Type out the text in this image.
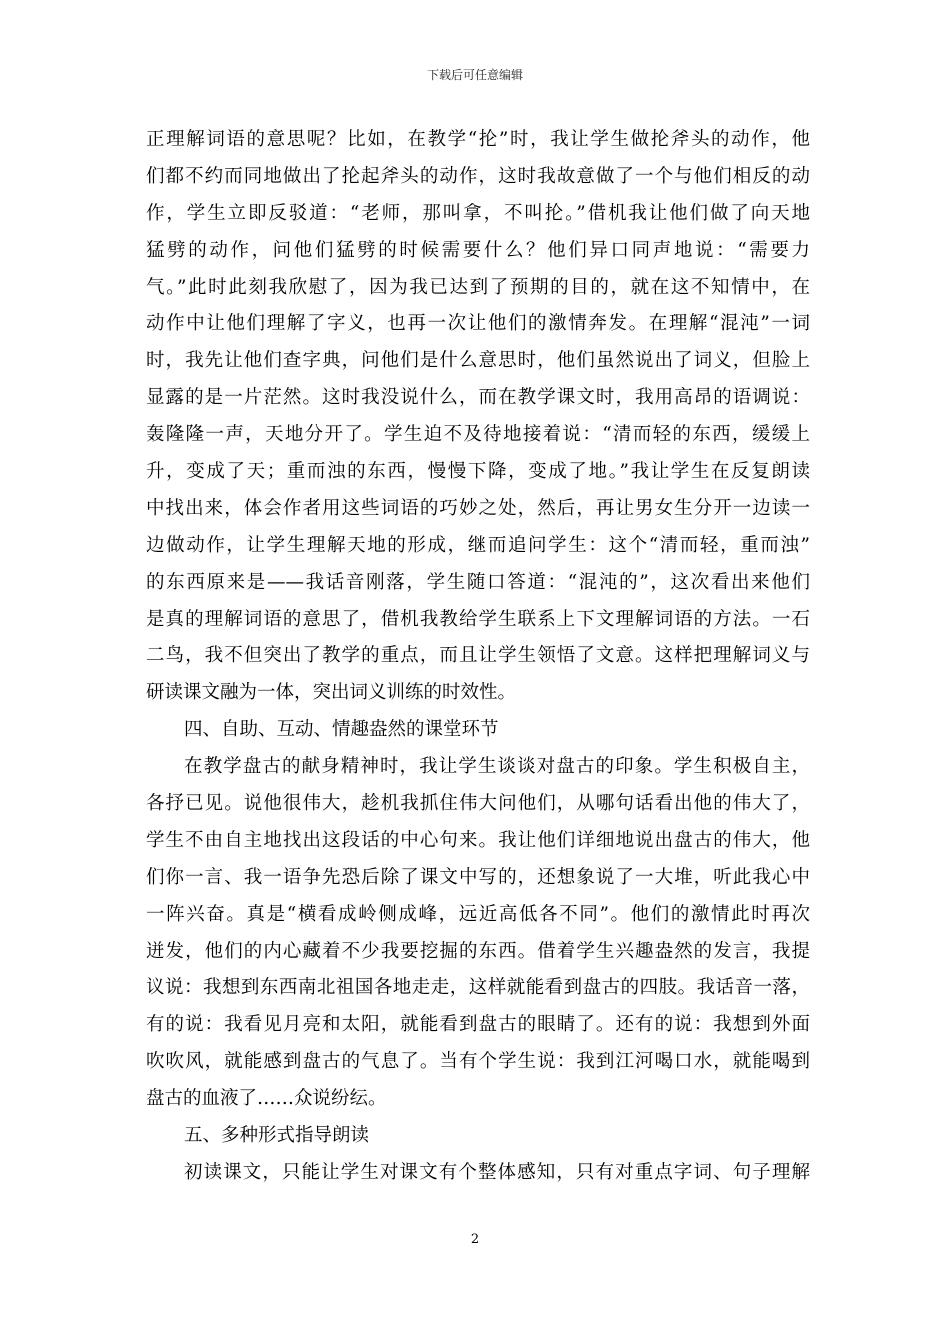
下载后可任意编辑
正理解词语的意思呢？比如，在教学“抡”时，我让学生做抡斧头的动作，他
们都不约而同地做出了抡起斧头的动作，这时我故意做了一个与他们相反的动
作，学生立即反驳道：“老师，那叫拿，不叫抡。”借机我让他们做了向天地
猛劈的动作，问他们猛劈的时候需要什么？他们异口同声地说：“需要力
气。”此时此刻我欣慰了，因为我已达到了预期的目的，就在这不知情中，在
动作中让他们理解了字义，也再一次让他们的激情奔发。在理解“混沌”一词
时，我先让他们查字典，问他们是什么意思时，他们虽然说出了词义，但脸上
显露的是一片茫然。这时我没说什么，而在教学课文时，我用高昂的语调说：
轰隆隆一声，天地分开了。学生迫不及待地接着说：“清而轻的东西，缓缓上
升，变成了天；重而浊的东西，慢慢下降，变成了地。”我让学生在反复朗读
中找出来，体会作者用这些词语的巧妙之处，然后，再让男女生分开一边读一
边做动作，让学生理解天地的形成，继而追问学生：这个“清而轻，重而浊”
的东西原来是——我话音刚落，学生随口答道：“混沌的”，这次看出来他们
是真的理解词语的意思了，借机我教给学生联系上下文理解词语的方法。一石
二鸟，我不但突出了教学的重点，而且让学生领悟了文意。这样把理解词义与
研读课文融为一体，突出词义训练的时效性。
四、自助、互动、情趣盎然的课堂环节
在教学盘古的献身精神时，我让学生谈谈对盘古的印象。学生积极自主，
各抒已见。说他很伟大，趁机我抓住伟大问他们，从哪句话看出他的伟大了，
学生不由自主地找出这段话的中心句来。我让他们详细地说出盘古的伟大，他
们你一言、我一语争先恐后除了课文中写的，还想象说了一大堆，听此我心中
一阵兴奋。真是“横看成岭侧成峰，远近高低各不同”。他们的激情此时再次
迸发，他们的内心藏着不少我要挖掘的东西。借着学生兴趣盎然的发言，我提
议说：我想到东西南北祖国各地走走，这样就能看到盘古的四肢。我话音一落，
有的说：我看见月亮和太阳，就能看到盘古的眼睛了。还有的说：我想到外面
吹吹风，就能感到盘古的气息了。当有个学生说：我到江河喝口水，就能喝到
盘古的血液了……众说纷纭。
五、多种形式指导朗读
初读课文，只能让学生对课文有个整体感知，只有对重点字词、句子理解
2
